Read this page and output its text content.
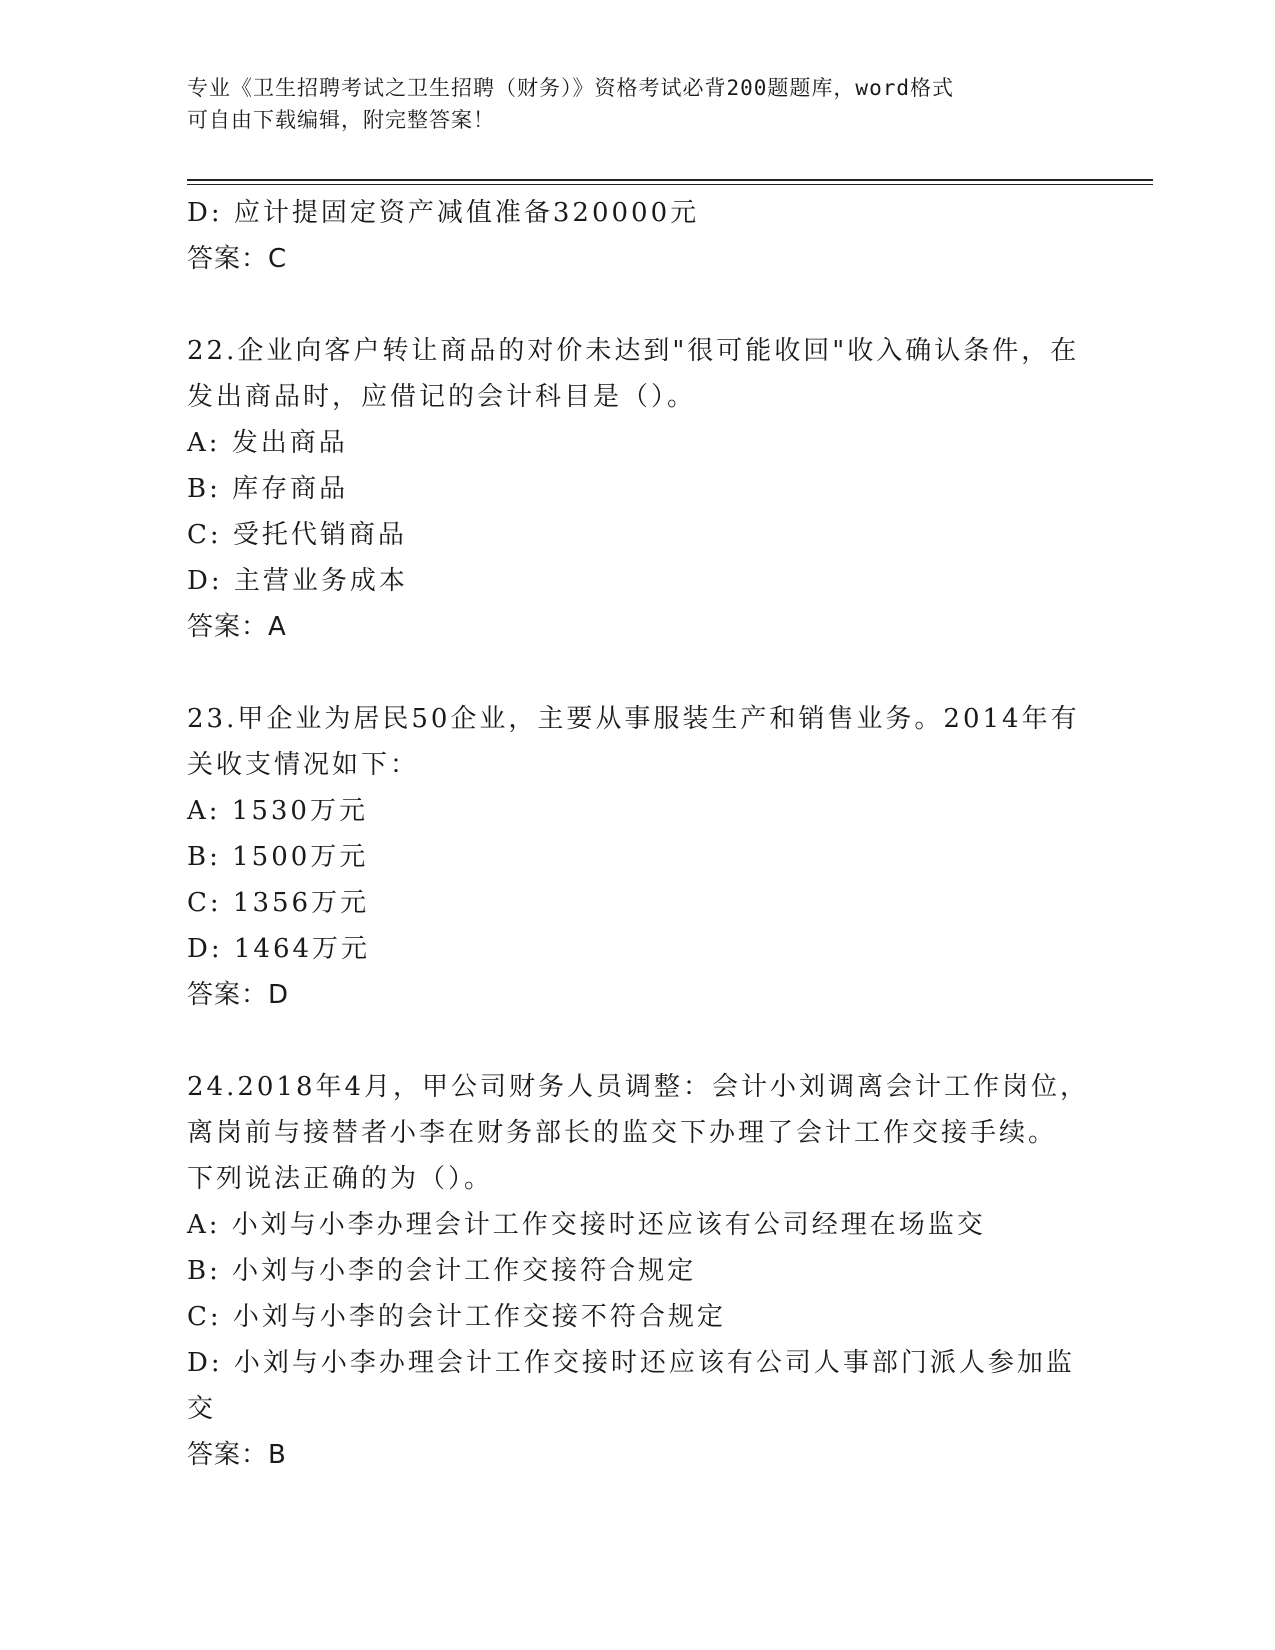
专业《卫生招聘考试之卫生招聘（财务）》资格考试必背200题题库，word格式
可自由下载编辑，附完整答案！
D: 应计提固定资产减值准备320000元
答案：C
22.企业向客户转让商品的对价未达到"很可能收回"收入确认条件，在
发出商品时，应借记的会计科目是（）。
A: 发出商品
B: 库存商品
C: 受托代销商品
D: 主营业务成本
答案：A
23.甲企业为居民50企业，主要从事服装生产和销售业务。2014年有
关收支情况如下：
A: 1530万元
B: 1500万元
C: 1356万元
D: 1464万元
答案：D
24.2018年4月，甲公司财务人员调整：会计小刘调离会计工作岗位，
离岗前与接替者小李在财务部长的监交下办理了会计工作交接手续。
下列说法正确的为（）。
A: 小刘与小李办理会计工作交接时还应该有公司经理在场监交
B: 小刘与小李的会计工作交接符合规定
C: 小刘与小李的会计工作交接不符合规定
D: 小刘与小李办理会计工作交接时还应该有公司人事部门派人参加监
交
答案：B
